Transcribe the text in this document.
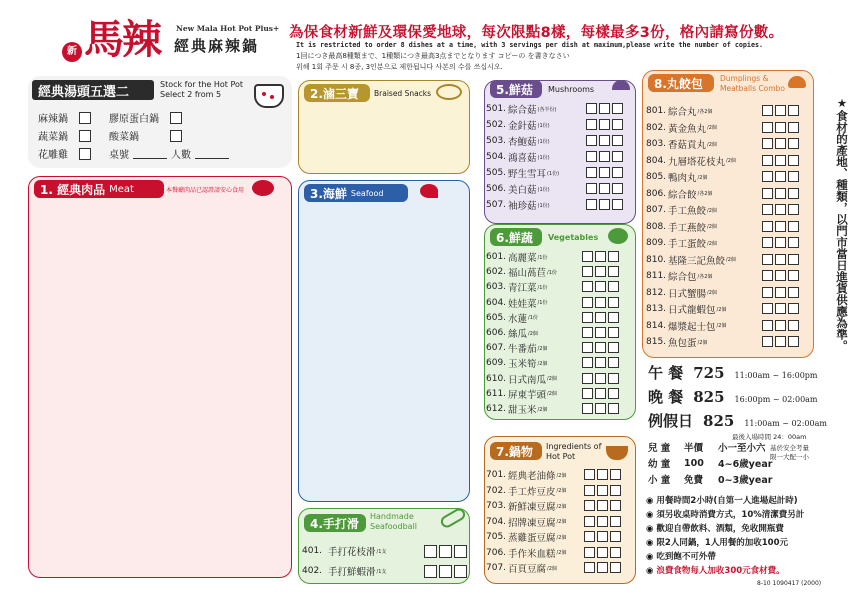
新 馬辣 New Mala Hot Pot Plus+
經典麻辣鍋
為保食材新鮮及環保愛地球，每次限點8樣，每樣最多3份，格內請寫份數。
It is restricted to order 8 dishes at a time, with 3 servings per dish at maximum,please write the number of copies.
1回につき最高8種類まで、1種類につき最高3点までとなります コピーの を書きなさい
위해 1회 주문 시 8종, 3인분으로 제한됩니다 사본의 수를 쓰십시오.
經典湯頭五選二	Stock for the Hot Pot
Select 2 from 5
麻辣鍋	膠原蛋白鍋
蔬菜鍋	酸菜鍋
花雕雞	桌號	人數
1. 經典肉品 Meat	本餐廳肉品已認證請安心食用
2.滷三寶 Braised Snacks
3.海鮮 Seafood
4.手打滑 Handmade
Seafoodball
401. 手打花枝滑 /1支
402. 手打鮮蝦滑 /1支
5.鮮菇 Mushrooms
501. 綜合菇 (各半份)
502. 金針菇 (1份)
503. 杏鮑菇 (1份)
504. 鴻喜菇 (1份)
505. 野生雪耳 (1份)
506. 美白菇 (1份)
507. 袖珍菇 (1份)
6.鮮蔬 Vegetables
601. 高麗菜 /1份
602. 福山萵苣 /1份
603. 青江菜 /1份
604. 娃娃菜 /1份
605. 水蓮 /1份
606. 絲瓜 /2個
607. 牛番茄 /2個
609. 玉米筍 /2個
610. 日式南瓜 /2個
611. 屏東芋頭 /2個
612. 甜玉米 /2個
7.鍋物 Ingredients of
Hot Pot
701. 經典老油條 /2個
702. 手工炸豆皮 /2個
703. 新鮮凍豆腐 /2個
704. 招牌凍豆腐 /2個
705. 蒸雞蛋豆腐 /2個
706. 手作米血糕 /2個
707. 百頁豆腐 /2個
8.丸餃包 Dumplings &
Meatballs Combo
801. 綜合丸 /各2個
802. 黃金魚丸 /2個
803. 香菇貢丸 /2個
804. 九層塔花枝丸 /2個
805. 鴨肉丸 /2個
806. 綜合餃 /各2個
807. 手工魚餃 /2個
808. 手工燕餃 /2個
809. 手工蛋餃 /2個
810. 基隆三記魚餃 /2個
811. 綜合包 /各2個
812. 日式蟹腸 /2個
813. 日式龍蝦包 /2個
814. 爆漿起士包 /2個
815. 魚包蛋 /2個	★食材的產地、種類，以門市當日進貨供應為準。
午 餐 725 11:00am ~ 16:00pm
晚 餐 825 16:00pm ~ 02:00am
例假日 825 11:00am ~ 02:00am
最後入場時間 24：00am
兒 童	半價	小一至小六
幼 童	100	4~6歲year
小 童	免費	0~3歲year
基於安全考量限一大配一小
◉ 用餐時間2小時(自第一人進場起計時)
◉ 須另收桌時消費方式，10%清潔費另計
◉ 歡迎自帶飲料、酒類，免收開瓶費
◉ 限2人同鍋，1人用餐的加收100元
◉ 吃到飽不可外帶
◉ 浪費食物每人加收300元食材費。
8-10 1090417 (2000)
